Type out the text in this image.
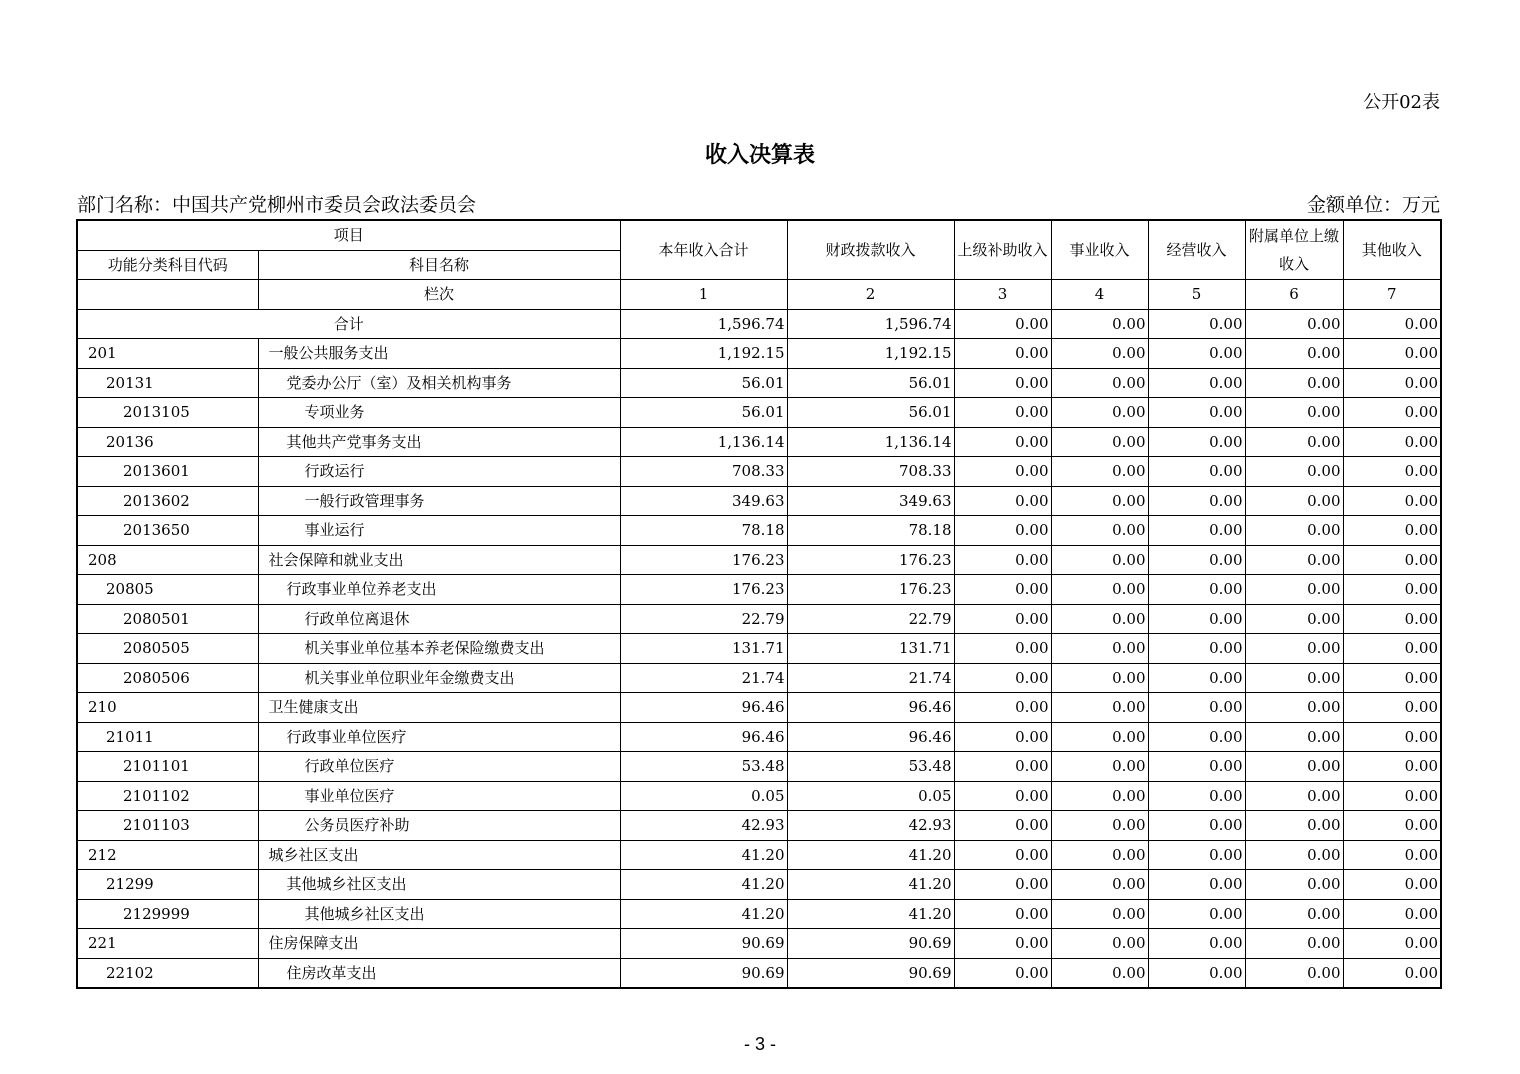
公开02表
收入决算表
部门名称：中国共产党柳州市委员会政法委员会	金额单位：万元
项目		本年收入合计	财政拨款收入	上级补助收入	事业收入	经营收入	附属单位上缴收入	其他收入
功能分类科目代码	科目名称							
	栏次	1	2	3	4	5	6	7
合计		1,596.74	1,596.74	0.00	0.00	0.00	0.00	0.00
201	一般公共服务支出	1,192.15	1,192.15	0.00	0.00	0.00	0.00	0.00
20131	党委办公厅（室）及相关机构事务	56.01	56.01	0.00	0.00	0.00	0.00	0.00
2013105	专项业务	56.01	56.01	0.00	0.00	0.00	0.00	0.00
20136	其他共产党事务支出	1,136.14	1,136.14	0.00	0.00	0.00	0.00	0.00
2013601	行政运行	708.33	708.33	0.00	0.00	0.00	0.00	0.00
2013602	一般行政管理事务	349.63	349.63	0.00	0.00	0.00	0.00	0.00
2013650	事业运行	78.18	78.18	0.00	0.00	0.00	0.00	0.00
208	社会保障和就业支出	176.23	176.23	0.00	0.00	0.00	0.00	0.00
20805	行政事业单位养老支出	176.23	176.23	0.00	0.00	0.00	0.00	0.00
2080501	行政单位离退休	22.79	22.79	0.00	0.00	0.00	0.00	0.00
2080505	机关事业单位基本养老保险缴费支出	131.71	131.71	0.00	0.00	0.00	0.00	0.00
2080506	机关事业单位职业年金缴费支出	21.74	21.74	0.00	0.00	0.00	0.00	0.00
210	卫生健康支出	96.46	96.46	0.00	0.00	0.00	0.00	0.00
21011	行政事业单位医疗	96.46	96.46	0.00	0.00	0.00	0.00	0.00
2101101	行政单位医疗	53.48	53.48	0.00	0.00	0.00	0.00	0.00
2101102	事业单位医疗	0.05	0.05	0.00	0.00	0.00	0.00	0.00
2101103	公务员医疗补助	42.93	42.93	0.00	0.00	0.00	0.00	0.00
212	城乡社区支出	41.20	41.20	0.00	0.00	0.00	0.00	0.00
21299	其他城乡社区支出	41.20	41.20	0.00	0.00	0.00	0.00	0.00
2129999	其他城乡社区支出	41.20	41.20	0.00	0.00	0.00	0.00	0.00
221	住房保障支出	90.69	90.69	0.00	0.00	0.00	0.00	0.00
22102	住房改革支出	90.69	90.69	0.00	0.00	0.00	0.00	0.00
- 3 -
